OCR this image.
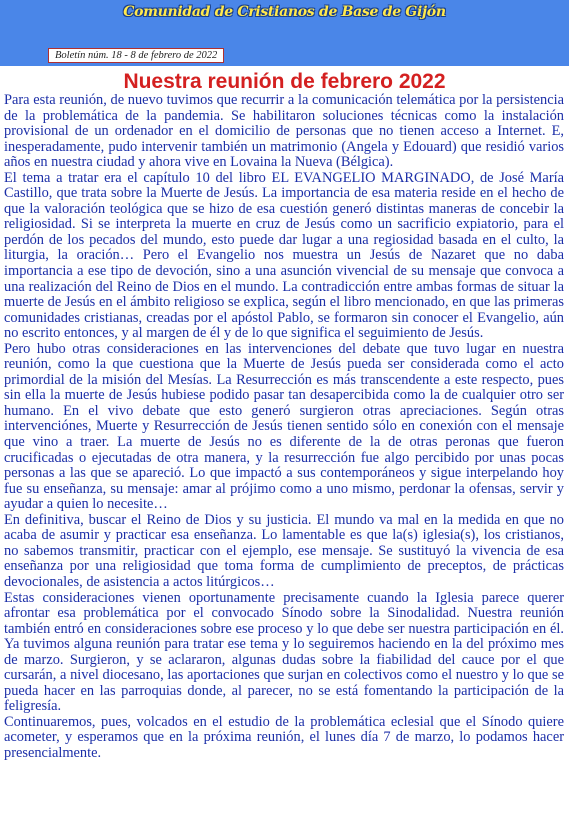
Comunidad de Cristianos de Base de Gijón
Boletín núm. 18 - 8 de febrero de 2022
Nuestra reunión de febrero 2022

Para esta reunión, de nuevo tuvimos que recurrir a la comunicación telemática por la persistencia de la problemática de la pandemia. Se habilitaron soluciones técnicas como la instalación provisional de un ordenador en el domicilio de personas que no tienen acceso a Internet. E, inesperadamente, pudo intervenir también un matrimonio (Angela y Edouard) que residió varios años en nuestra ciudad y ahora vive en Lovaina la Nueva (Bélgica).

El tema a tratar era el capítulo 10 del libro EL EVANGELIO MARGINADO, de José María Castillo, que trata sobre la Muerte de Jesús. La importancia de esa materia reside en el hecho de que la valoración teológica que se hizo de esa cuestión generó distintas maneras de concebir la religiosidad. Si se interpreta la muerte en cruz de Jesús como un sacrificio expiatorio, para el perdón de los pecados del mundo, esto puede dar lugar a una regiosidad basada en el culto, la liturgia, la oración… Pero el Evangelio nos muestra un Jesús de Nazaret que no daba importancia a ese tipo de devoción, sino a una asunción vivencial de su mensaje que convoca a una realización del Reino de Dios en el mundo. La contradicción entre ambas formas de situar la muerte de Jesús en el ámbito religioso se explica, según el libro mencionado, en que las primeras comunidades cristianas, creadas por el apóstol Pablo, se formaron sin conocer el Evangelio, aún no escrito entonces, y al margen de él y de lo que significa el seguimiento de Jesús.

Pero hubo otras consideraciones en las intervenciones del debate que tuvo lugar en nuestra reunión, como la que cuestiona que la Muerte de Jesús pueda ser considerada como el acto primordial de la misión del Mesías. La Resurrección es más transcendente a este respecto, pues sin ella la muerte de Jesús hubiese podido pasar tan desapercibida como la de cualquier otro ser humano. En el vivo debate que esto generó surgieron otras apreciaciones. Según otras intervenciónes, Muerte y Resurrección de Jesús tienen sentido sólo en conexión con el mensaje que vino a traer. La muerte de Jesús no es diferente de la de otras peronas que fueron crucificadas o ejecutadas de otra manera, y la resurrección fue algo percibido por unas pocas personas a las que se apareció. Lo que impactó a sus contemporáneos y sigue interpelando hoy fue su enseñanza, su mensaje: amar al prójimo como a uno mismo, perdonar la ofensas, servir y ayudar a quien lo necesite…

En definitiva, buscar el Reino de Dios y su justicia. El mundo va mal en la medida en que no acaba de asumir y practicar esa enseñanza. Lo lamentable es que la(s) iglesia(s), los cristianos, no sabemos transmitir, practicar con el ejemplo, ese mensaje. Se sustituyó la vivencia de esa enseñanza por una religiosidad que toma forma de cumplimiento de preceptos, de prácticas devocionales, de asistencia a actos litúrgicos…

Estas consideraciones vienen oportunamente precisamente cuando la Iglesia parece querer afrontar esa problemática por el convocado Sínodo sobre la Sinodalidad. Nuestra reunión también entró en consideraciones sobre ese proceso y lo que debe ser nuestra participación en él. Ya tuvimos alguna reunión para tratar ese tema y lo seguiremos haciendo en la del próximo mes de marzo. Surgieron, y se aclararon, algunas dudas sobre la fiabilidad del cauce por el que cursarán, a nivel diocesano, las aportaciones que surjan en colectivos como el nuestro y lo que se pueda hacer en las parroquias donde, al parecer, no se está fomentando la participación de la feligresía.

Continuaremos, pues, volcados en el estudio de la problemática eclesial que el Sínodo quiere acometer, y esperamos que en la próxima reunión, el lunes día 7 de marzo, lo podamos hacer presencialmente.
